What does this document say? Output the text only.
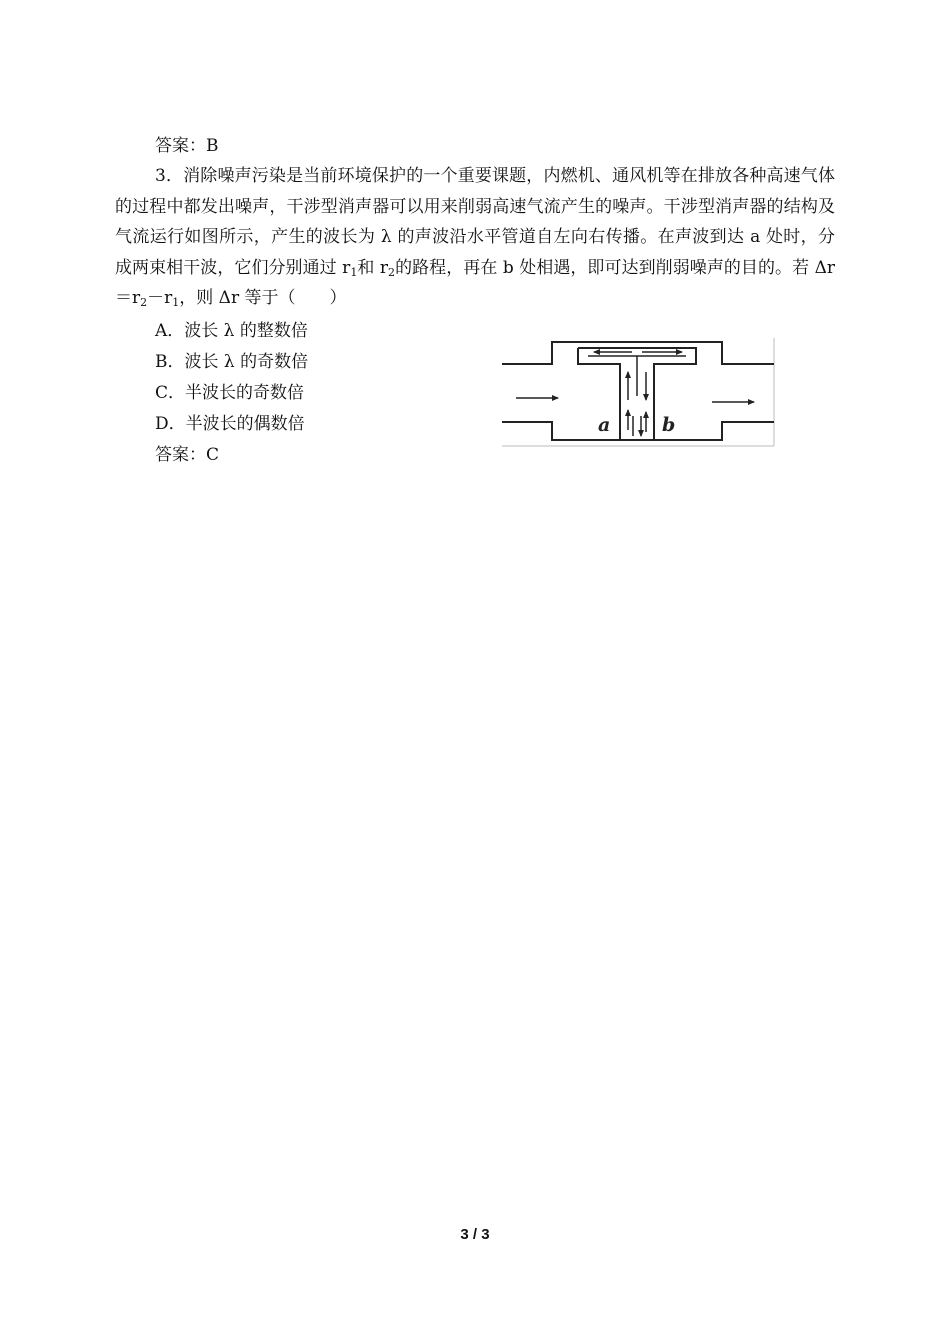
答案：B
3．消除噪声污染是当前环境保护的一个重要课题，内燃机、通风机等在排放各种高速气体的过程中都发出噪声，干涉型消声器可以用来削弱高速气流产生的噪声。干涉型消声器的结构及气流运行如图所示，产生的波长为 λ 的声波沿水平管道自左向右传播。在声波到达 a 处时，分成两束相干波，它们分别通过 $r_1$和 $r_2$的路程，再在 b 处相遇，即可达到削弱噪声的目的。若 $\Delta r=r_2-r_1$，则 Δr 等于（　　）
A．波长 λ 的整数倍
B．波长 λ 的奇数倍
C．半波长的奇数倍
D．半波长的偶数倍
答案：C
a	b
3 / 3
